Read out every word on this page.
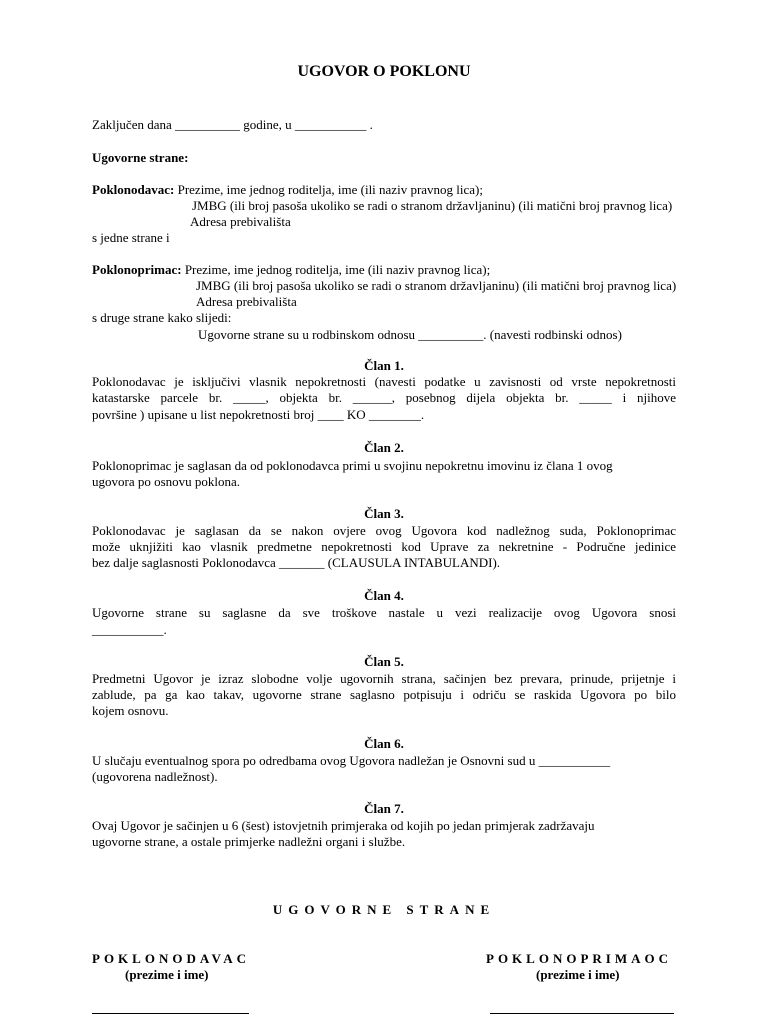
UGOVOR O POKLONU
Zaključen dana __________ godine, u ___________ .
Ugovorne strane:
Poklonodavac: Prezime, ime jednog roditelja, ime (ili naziv pravnog lica);
JMBG (ili broj pasoša ukoliko se radi o stranom državljaninu) (ili matični broj pravnog lica)
Adresa prebivališta
s jedne strane i
Poklonoprimac: Prezime, ime jednog roditelja, ime (ili naziv pravnog lica);
JMBG (ili broj pasoša ukoliko se radi o stranom državljaninu) (ili matični broj pravnog lica)
Adresa prebivališta
s druge strane kako slijedi:
Ugovorne strane su u rodbinskom odnosu __________. (navesti rodbinski odnos)
Član 1.
Poklonodavac je isključivi vlasnik nepokretnosti (navesti podatke u zavisnosti od vrste nepokretnosti
katastarske parcele br. _____, objekta br. ______, posebnog dijela objekta br. _____ i njihove
površine ) upisane u list nepokretnosti broj ____ KO ________.
Član 2.
Poklonoprimac je saglasan da od poklonodavca primi u svojinu nepokretnu imovinu iz člana 1 ovog
ugovora po osnovu poklona.
Član 3.
Poklonodavac je saglasan da se nakon ovjere ovog Ugovora kod nadležnog suda, Poklonoprimac
može uknjižiti kao vlasnik predmetne nepokretnosti kod Uprave za nekretnine - Područne jedinice
bez dalje saglasnosti Poklonodavca _______ (CLAUSULA INTABULANDI).
Član 4.
Ugovorne strane su saglasne da sve troškove nastale u vezi realizacije ovog Ugovora snosi
___________.
Član 5.
Predmetni Ugovor je izraz slobodne volje ugovornih strana, sačinjen bez prevara, prinude, prijetnje i
zablude, pa ga kao takav, ugovorne strane saglasno potpisuju i odriču se raskida Ugovora po bilo
kojem osnovu.
Član 6.
U slučaju eventualnog spora po odredbama ovog Ugovora nadležan je Osnovni sud u ___________
(ugovorena nadležnost).
Član 7.
Ovaj Ugovor je sačinjen u 6 (šest) istovjetnih primjeraka od kojih po jedan primjerak zadržavaju
ugovorne strane, a ostale primjerke nadležni organi i službe.
UGOVORNE STRANE
POKLONODAVAC
(prezime i ime)
POKLONOPRIMAOC
(prezime i ime)
